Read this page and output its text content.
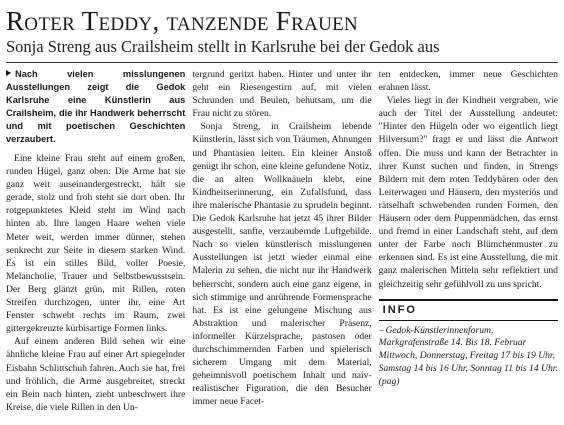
Roter Teddy, tanzende Frauen
Sonja Streng aus Crailsheim stellt in Karlsruhe bei der Gedok aus

Nach vielen misslungenen Ausstellungen zeigt die Gedok Karlsruhe eine Künstlerin aus Crailsheim, die ihr Handwerk beherrscht und mit poetischen Geschichten verzaubert.

Eine kleine Frau steht auf einem großen, runden Hügel, ganz oben. Die Arme hat sie ganz weit auseinandergestreckt, hält sie gerade, stolz und froh steht sie dort oben. Ihr rotgepunktetes Kleid steht im Wind nach hinten ab. Ihre langen Haare wehen viele Meter weit, werden immer dünner, stehen senkrecht zur Seite in diesem starken Wind. Es ist ein stilles Bild, voller Poesie, Melancholie, Trauer und Selbstbewusstsein. Der Berg glänzt grün, mit Rillen, roten Streifen durchzogen, unter ihr, eine Art Fenster schwebt rechts im Raum, zwei gittergekreuzte kürbisartige Formen links.

Auf einem anderen Bild sehen wir eine ähnliche kleine Frau auf einer Art spiegelnder Eisbahn Schlittschuh fahren. Auch sie hat, frei und fröhlich, die Arme ausgebreitet, streckt ein Bein nach hinten, zieht unbeschwert ihre Kreise, die viele Rillen in den Un-

tergrund geritzt haben. Hinter und unter ihr geht ein Riesengestirn auf, mit vielen Schrunden und Beulen, behutsam, um die Frau nicht zu stören.

Sonja Streng, in Crailsheim lebende Künstlerin, lässt sich von Träumen, Ahnungen und Phantasien leiten. Ein kleiner Anstoß genügt ihr schon, eine kleine gefundene Notiz, die an alten Wollknäueln klebt, eine Kindheitserinnerung, ein Zufallsfund, dass ihre malerische Phantasie zu sprudeln beginnt. Die Gedok Karlsruhe hat jetzt 45 ihrer Bilder ausgestellt, sanfte, verzaubernde Luftgebilde. Nach so vielen künstlerisch misslungenen Ausstellungen ist jetzt wieder einmal eine Malerin zu sehen, die nicht nur ihr Handwerk beherrscht, sondern auch eine ganz eigene, in sich stimmige und anrührende Formensprache hat. Es ist eine gelungene Mischung aus Abstraktion und malerischer Präsenz, informeller Kürzelsprache, pastosen oder durchschimmernden Farben und spielerisch sicherem Umgang mit dem Material, geheimnisvoll poetischem Inhalt und naiv-realistischer Figuration, die den Besucher immer neue Facet-

ten entdecken, immer neue Geschichten erahnen lässt.

Vieles liegt in der Kindheit vergraben, wie auch der Titel der Ausstellung andeutet: "Hinter den Hügeln oder wo eigentlich liegt Hilversum?" fragt er und lässt die Antwort offen. Die muss und kann der Betrachter in ihrer Kunst suchen und finden, in Strengs Bildern mit dem roten Teddybären oder den Leiterwagen und Häusern, den mysteriös und rätselhaft schwebenden runden Formen, den Häusern oder dem Puppenmädchen, das ernst und fremd in einer Landschaft steht, auf dem unter der Farbe noch Blümchenmuster zu erkennen sind. Es ist eine Ausstellung, die mit ganz malerischen Mitteln sehr reflektiert und gleichzeitig sehr gefühlvoll zu uns spricht.

INFO
– Gedok-Künstlerinnenforum, Markgrafenstraße 14. Bis 18. Februar Mittwoch, Donnerstag, Freitag 17 bis 19 Uhr, Samstag 14 bis 16 Uhr, Sonntag 11 bis 14 Uhr. (pag)
